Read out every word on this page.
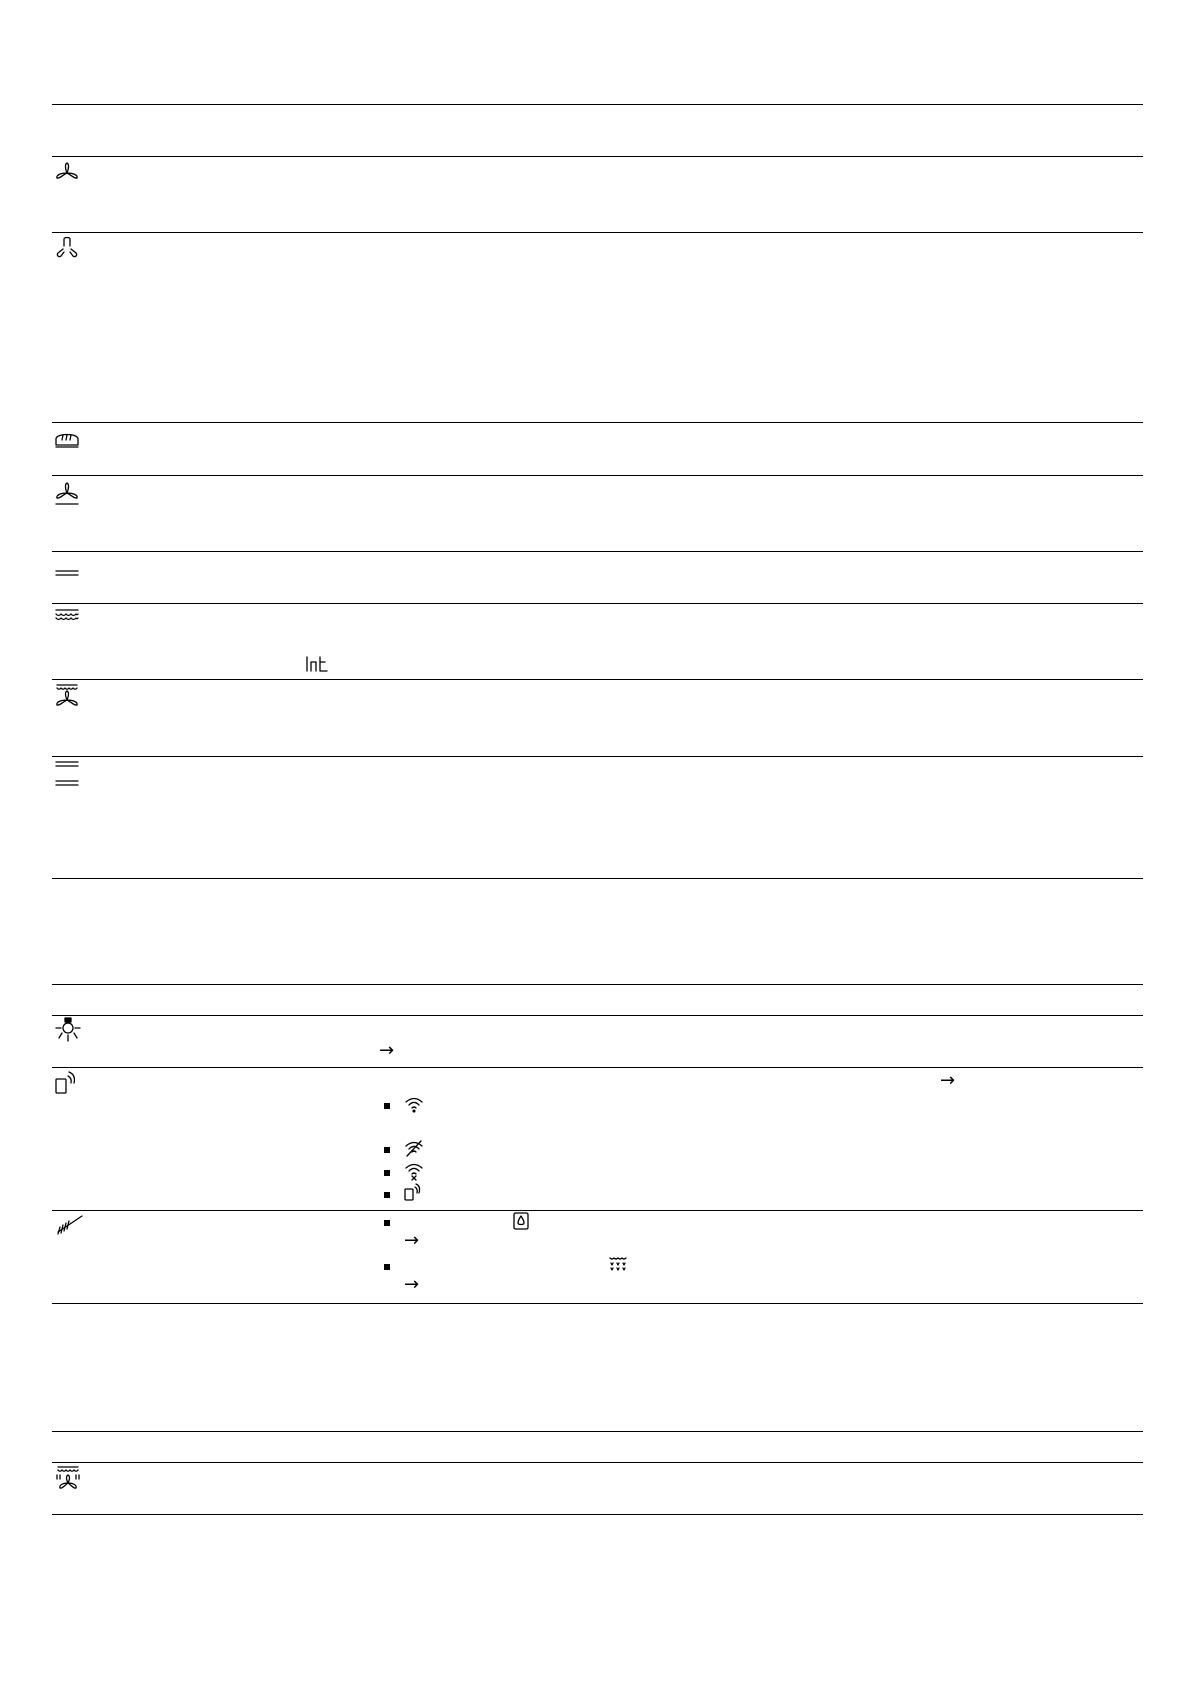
→
→
→
→
